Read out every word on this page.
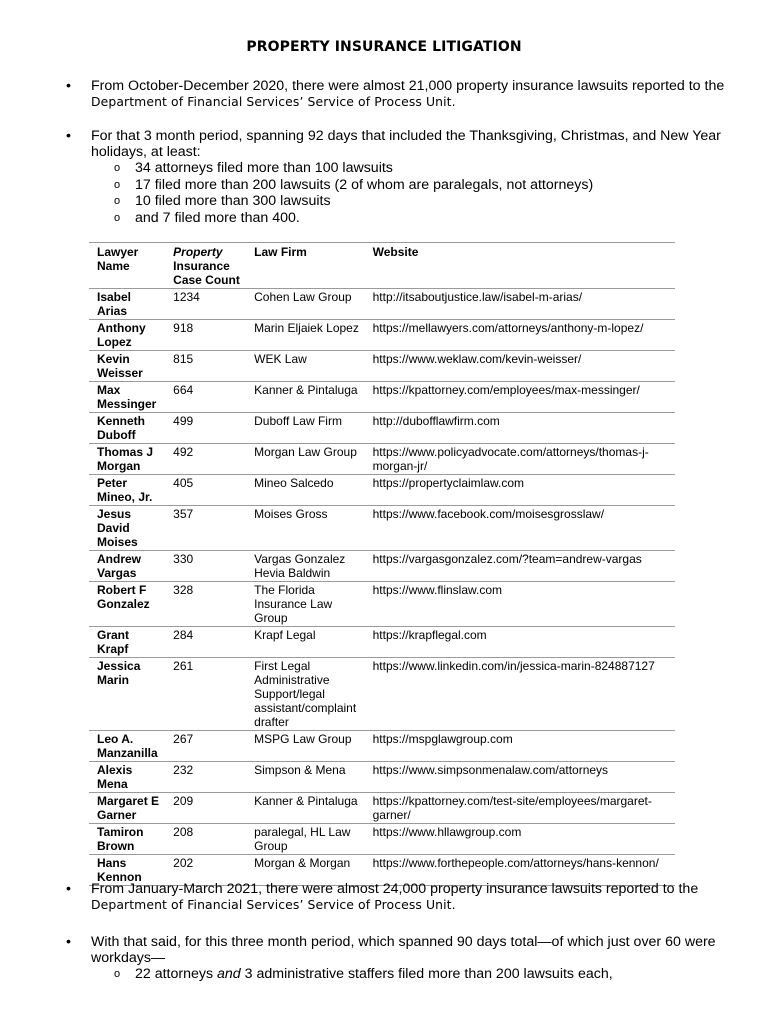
PROPERTY INSURANCE LITIGATION
• From October-December 2020, there were almost 21,000 property insurance lawsuits reported to the
Department of Financial Services’ Service of Process Unit.
• For that 3 month period, spanning 92 days that included the Thanksgiving, Christmas, and New Year holidays, at least:
o 34 attorneys filed more than 100 lawsuits
o 17 filed more than 200 lawsuits (2 of whom are paralegals, not attorneys)
o 10 filed more than 300 lawsuits
o and 7 filed more than 400.
Lawyer Name	Property Insurance Case Count	Law Firm	Website
Isabel Arias	1234	Cohen Law Group	http://itsaboutjustice.law/isabel-m-arias/
Anthony Lopez	918	Marin Eljaiek Lopez	https://mellawyers.com/attorneys/anthony-m-lopez/
Kevin Weisser	815	WEK Law	https://www.weklaw.com/kevin-weisser/
Max Messinger	664	Kanner & Pintaluga	https://kpattorney.com/employees/max-messinger/
Kenneth Duboff	499	Duboff Law Firm	http://dubofflawfirm.com
Thomas J Morgan	492	Morgan Law Group	https://www.policyadvocate.com/attorneys/thomas-j-morgan-jr/
Peter Mineo, Jr.	405	Mineo Salcedo	https://propertyclaimlaw.com
Jesus David Moises	357	Moises Gross	https://www.facebook.com/moisesgrosslaw/
Andrew Vargas	330	Vargas Gonzalez Hevia Baldwin	https://vargasgonzalez.com/?team=andrew-vargas
Robert F Gonzalez	328	The Florida Insurance Law Group	https://www.flinslaw.com
Grant Krapf	284	Krapf Legal	https://krapflegal.com
Jessica Marin	261	First Legal Administrative Support/legal assistant/complaint drafter	https://www.linkedin.com/in/jessica-marin-824887127
Leo A. Manzanilla	267	MSPG Law Group	https://mspglawgroup.com
Alexis Mena	232	Simpson & Mena	https://www.simpsonmenalaw.com/attorneys
Margaret E Garner	209	Kanner & Pintaluga	https://kpattorney.com/test-site/employees/margaret-garner/
Tamiron Brown	208	paralegal, HL Law Group	https://www.hllawgroup.com
Hans Kennon	202	Morgan & Morgan	https://www.forthepeople.com/attorneys/hans-kennon/
• From January-March 2021, there were almost 24,000 property insurance lawsuits reported to the
Department of Financial Services’ Service of Process Unit.
• With that said, for this three month period, which spanned 90 days total—of which just over 60 were workdays—
o 22 attorneys and 3 administrative staffers filed more than 200 lawsuits each,
